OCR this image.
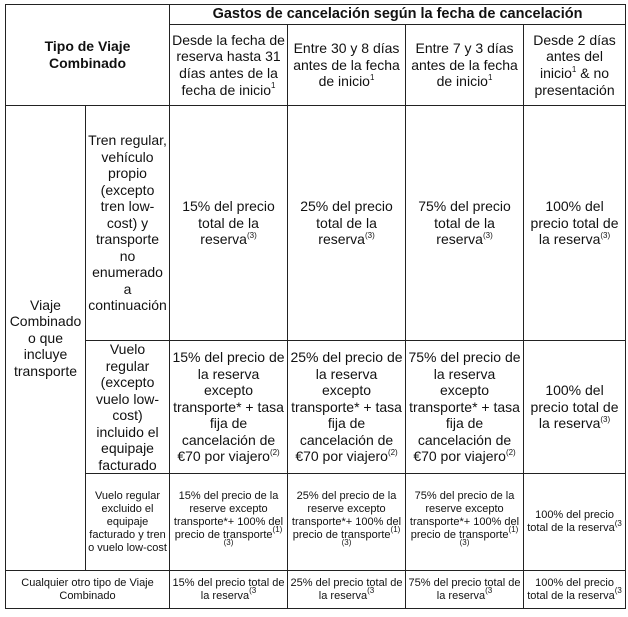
Tipo de Viaje Combinado		Gastos de cancelación según la fecha de cancelación			
		Desde la fecha de reserva hasta 31 días antes de la fecha de inicio$^1$	Entre 30 y 8 días antes de la fecha de inicio$^1$	Entre 7 y 3 días antes de la fecha de inicio$^1$	Desde 2 días antes del inicio$^1$ & no presentación
Viaje Combinado o que incluye transporte	Tren regular, vehículo propio (excepto tren low-cost) y transporte no enumerado a continuación	15% del precio total de la reserva$^{(3)}$	25% del precio total de la reserva$^{(3)}$	75% del precio total de la reserva$^{(3)}$	100% del precio total de la reserva$^{(3)}$
	Vuelo regular (excepto vuelo low-cost) incluido el equipaje facturado	15% del precio de la reserva excepto transporte* + tasa fija de cancelación de €70 por viajero$^{(2)}$	25% del precio de la reserva excepto transporte* + tasa fija de cancelación de €70 por viajero$^{(2)}$	75% del precio de la reserva excepto transporte* + tasa fija de cancelación de €70 por viajero$^{(2)}$	100% del precio total de la reserva$^{(3)}$
	Vuelo regular excluido el equipaje facturado y tren o vuelo low-cost	15% del precio de la reserve excepto transporte*+ 100% del precio de transporte$^{(1) (3)}$	25% del precio de la reserve excepto transporte*+ 100% del precio de transporte$^{(1) (3)}$	75% del precio de la reserve excepto transporte*+ 100% del precio de transporte$^{(1) (3)}$	100% del precio total de la reserva$^{(3}$
Cualquier otro tipo de Viaje Combinado		15% del precio total de la reserva$^{(3}$	25% del precio total de la reserva$^{(3}$	75% del precio total de la reserva$^{(3}$	100% del precio total de la reserva$^{(3}$
